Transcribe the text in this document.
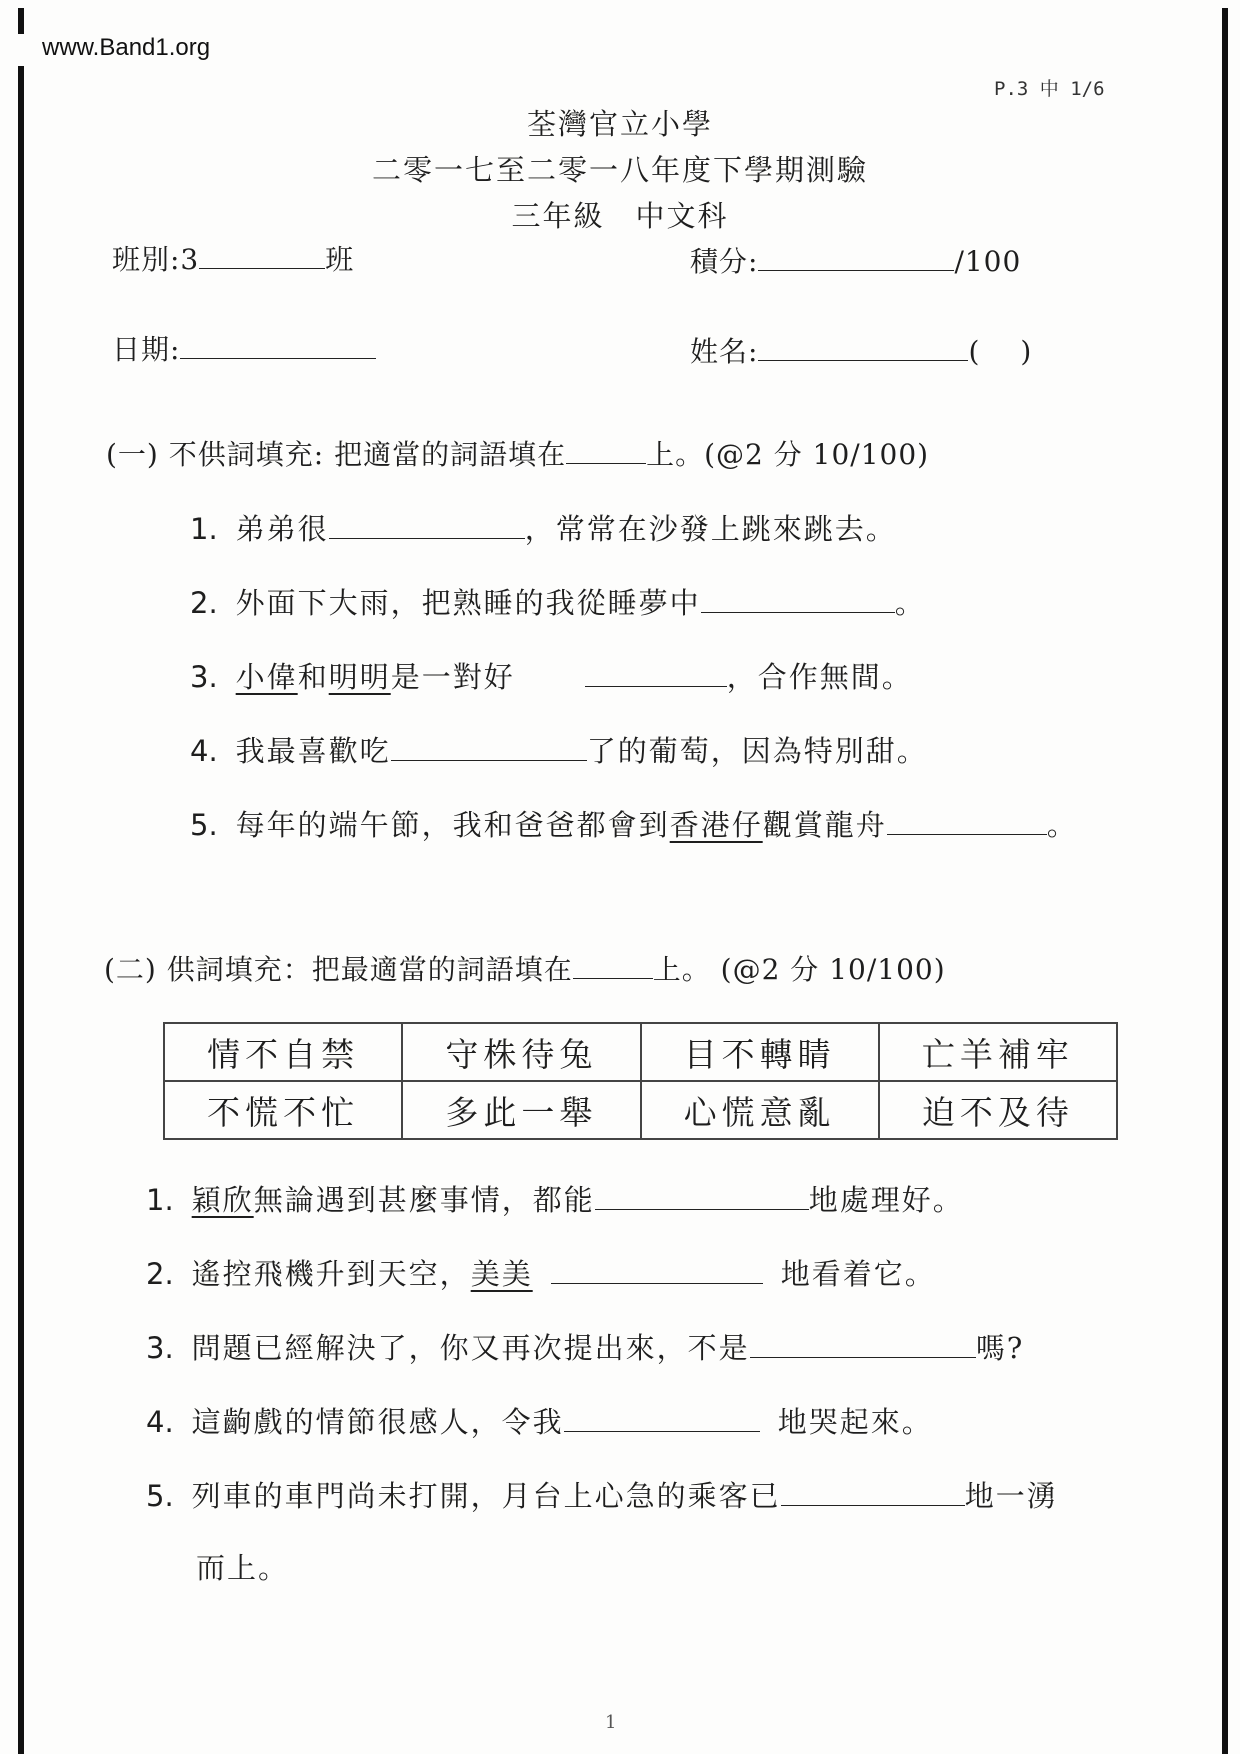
www.Band1.org
P.3 中 1/6
荃灣官立小學
二零一七至二零一八年度下學期測驗
三年級　中文科
班別:3	班	積分:	/100
日期:	姓名:	( )
(一) 不供詞填充: 把適當的詞語填在	上。(@2 分 10/100)
1. 弟弟很	，常常在沙發上跳來跳去。
2. 外面下大雨，把熟睡的我從睡夢中	。
3. 小偉和明明是一對好	，合作無間。
4. 我最喜歡吃	了的葡萄，因為特別甜。
5. 每年的端午節，我和爸爸都會到香港仔觀賞龍舟	。
(二) 供詞填充：把最適當的詞語填在	上。 (@2 分 10/100)
情不自禁	守株待兔	目不轉睛	亡羊補牢
不慌不忙	多此一舉	心慌意亂	迫不及待
1. 穎欣無論遇到甚麼事情，都能	地處理好。
2. 遙控飛機升到天空，美美	地看着它。
3. 問題已經解決了，你又再次提出來，不是	嗎?
4. 這齣戲的情節很感人，令我	地哭起來。
5. 列車的車門尚未打開，月台上心急的乘客已	地一湧
而上。
1
